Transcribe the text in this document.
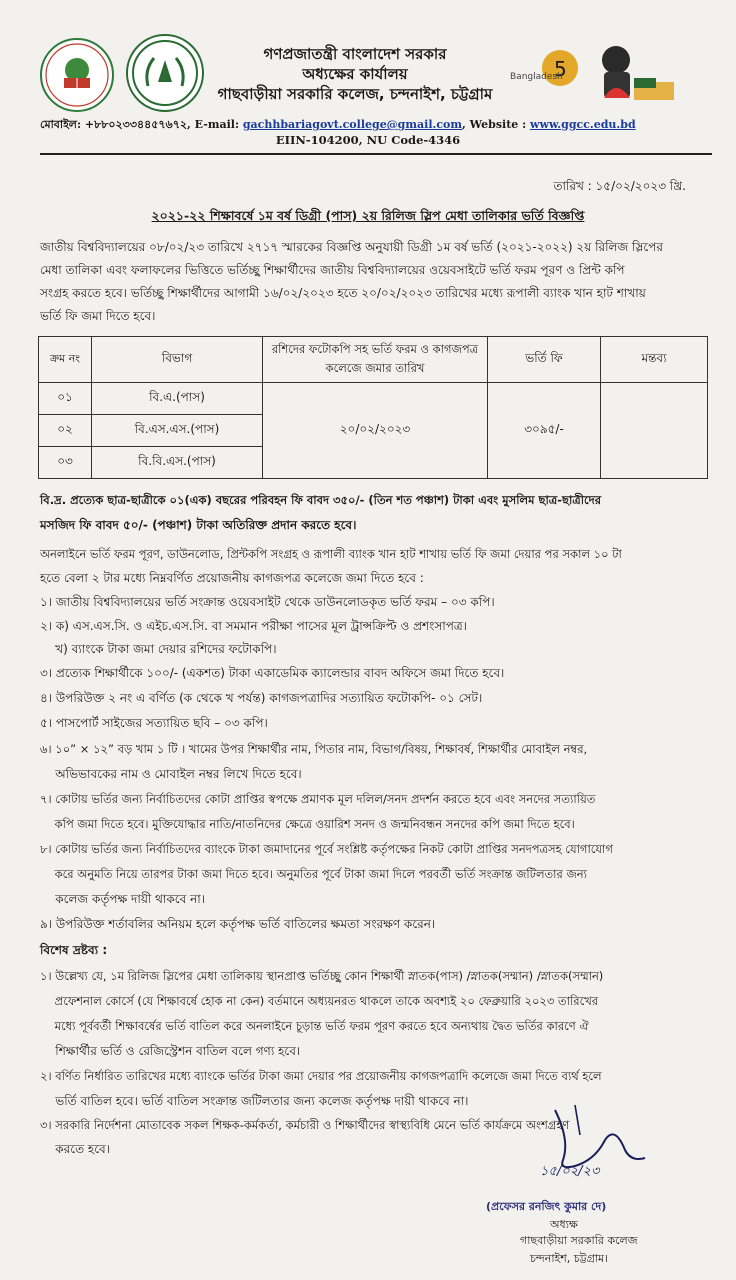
গণপ্রজাতন্ত্রী বাংলাদেশ সরকার
অধ্যক্ষের কার্যালয়
গাছবাড়ীয়া সরকারি কলেজ, চন্দনাইশ, চট্টগ্রাম
5
Bangladesh
মোবাইল: +৮৮০২৩৩৪৪৫৭৬৭২, E-mail: gachhbariagovt.college@gmail.com, Website : www.ggcc.edu.bd
EIIN-104200, NU Code-4346
তারিখ : ১৫/০২/২০২৩ খ্রি.
২০২১-২২ শিক্ষাবর্ষে ১ম বর্ষ ডিগ্রী (পাস) ২য় রিলিজ স্লিপ মেধা তালিকার ভর্তি বিজ্ঞপ্তি
জাতীয় বিশ্ববিদ্যালয়ের ০৮/০২/২৩ তারিখে ২৭১৭ স্মারকের বিজ্ঞপ্তি অনুযায়ী ডিগ্রী ১ম বর্ষ ভর্তি (২০২১-২০২২) ২য় রিলিজ স্লিপের
মেধা তালিকা এবং ফলাফলের ভিত্তিতে ভর্তিচ্ছু শিক্ষার্থীদের জাতীয় বিশ্ববিদ্যালয়ের ওয়েবসাইটে ভর্তি ফরম পূরণ ও প্রিন্ট কপি
সংগ্রহ করতে হবে। ভর্তিচ্ছু শিক্ষার্থীদের আগামী ১৬/০২/২০২৩ হতে ২০/০২/২০২৩ তারিখের মধ্যে রূপালী ব্যাংক খান হাট শাখায়
ভর্তি ফি জমা দিতে হবে।
ক্রম নং	বিভাগ	রশিদের ফটোকপি সহ ভর্তি ফরম ও কাগজপত্র কলেজে জমার তারিখ	ভর্তি ফি	মন্তব্য
০১	বি.এ.(পাস)	২০/০২/২০২৩	৩০৯৫/-	
০২	বি.এস.এস.(পাস)			
০৩	বি.বি.এস.(পাস)			
বি.দ্র. প্রত্যেক ছাত্র-ছাত্রীকে ০১(এক) বছরের পরিবহন ফি বাবদ ৩৫০/- (তিন শত পঞ্চাশ) টাকা এবং মুসলিম ছাত্র-ছাত্রীদের
মসজিদ ফি বাবদ ৫০/- (পঞ্চাশ) টাকা অতিরিক্ত প্রদান করতে হবে।
অনলাইনে ভর্তি ফরম পূরণ, ডাউনলোড, প্রিন্টকপি সংগ্রহ ও রূপালী ব্যাংক খান হাট শাখায় ভর্তি ফি জমা দেয়ার পর সকাল ১০ টা
হতে বেলা ২ টার মধ্যে নিম্নবর্ণিত প্রয়োজনীয় কাগজপত্র কলেজে জমা দিতে হবে :
১। জাতীয় বিশ্ববিদ্যালয়ের ভর্তি সংক্রান্ত ওয়েবসাইট থেকে ডাউনলোডকৃত ভর্তি ফরম – ০৩ কপি।
২। ক) এস.এস.সি. ও এইচ.এস.সি. বা সমমান পরীক্ষা পাসের মূল ট্রান্সক্রিপ্ট ও প্রশংসাপত্র।
খ) ব্যাংকে টাকা জমা দেয়ার রশিদের ফটোকপি।
৩। প্রত্যেক শিক্ষার্থীকে ১০০/- (একশত) টাকা একাডেমিক ক্যালেন্ডার বাবদ অফিসে জমা দিতে হবে।
৪। উপরিউক্ত ২ নং এ বর্ণিত (ক থেকে খ পর্যন্ত) কাগজপত্রাদির সত্যায়িত ফটোকপি- ০১ সেট।
৫। পাসপোর্ট সাইজের সত্যায়িত ছবি – ০৩ কপি।
৬। ১০” × ১২” বড় খাম ১ টি । খামের উপর শিক্ষার্থীর নাম, পিতার নাম, বিভাগ/বিষয়, শিক্ষাবর্ষ, শিক্ষার্থীর মোবাইল নম্বর,
অভিভাবকের নাম ও মোবাইল নম্বর লিখে দিতে হবে।
৭। কোটায় ভর্তির জন্য নির্বাচিতদের কোটা প্রাপ্তির স্বপক্ষে প্রমাণক মূল দলিল/সনদ প্রদর্শন করতে হবে এবং সনদের সত্যায়িত
কপি জমা দিতে হবে। মুক্তিযোদ্ধার নাতি/নাতনিদের ক্ষেত্রে ওয়ারিশ সনদ ও জন্মনিবন্ধন সনদের কপি জমা দিতে হবে।
৮। কোটায় ভর্তির জন্য নির্বাচিতদের ব্যাংকে টাকা জমাদানের পূর্বে সংশ্লিষ্ট কর্তৃপক্ষের নিকট কোটা প্রাপ্তির সনদপত্রসহ যোগাযোগ
করে অনুমতি নিয়ে তারপর টাকা জমা দিতে হবে। অনুমতির পূর্বে টাকা জমা দিলে পরবর্তী ভর্তি সংক্রান্ত জটিলতার জন্য
কলেজ কর্তৃপক্ষ দায়ী থাকবে না।
৯। উপরিউক্ত শর্তাবলির অনিয়ম হলে কর্তৃপক্ষ ভর্তি বাতিলের ক্ষমতা সংরক্ষণ করেন।
বিশেষ দ্রষ্টব্য :
১। উল্লেখ্য যে, ১ম রিলিজ স্লিপের মেধা তালিকায় স্থানপ্রাপ্ত ভর্তিচ্ছু কোন শিক্ষার্থী স্নাতক(পাস) /স্নাতক(সম্মান) /স্নাতক(সম্মান)
প্রফেশনাল কোর্সে (যে শিক্ষাবর্ষে হোক না কেন) বর্তমানে অধ্যয়নরত থাকলে তাকে অবশ্যই ২০ ফেব্রুয়ারি ২০২৩ তারিখের
মধ্যে পূর্ববর্তী শিক্ষাবর্ষের ভর্তি বাতিল করে অনলাইনে চূড়ান্ত ভর্তি ফরম পূরণ করতে হবে অন্যথায় দ্বৈত ভর্তির কারণে ঐ
শিক্ষার্থীর ভর্তি ও রেজিস্ট্রেশন বাতিল বলে গণ্য হবে।
২। বর্ণিত নির্ধারিত তারিখের মধ্যে ব্যাংকে ভর্তির টাকা জমা দেয়ার পর প্রয়োজনীয় কাগজপত্রাদি কলেজে জমা দিতে ব্যর্থ হলে
ভর্তি বাতিল হবে। ভর্তি বাতিল সংক্রান্ত জটিলতার জন্য কলেজ কর্তৃপক্ষ দায়ী থাকবে না।
৩। সরকারি নির্দেশনা মোতাবেক সকল শিক্ষক-কর্মকর্তা, কর্মচারী ও শিক্ষার্থীদের স্বাস্থ্যবিধি মেনে ভর্তি কার্যক্রমে অংশগ্রহণ
করতে হবে।
১৫/০২/২৩
(প্রফেসর রনজিৎ কুমার দে)
অধ্যক্ষ
গাছবাড়ীয়া সরকারি কলেজ
চন্দনাইশ, চট্টগ্রাম।
